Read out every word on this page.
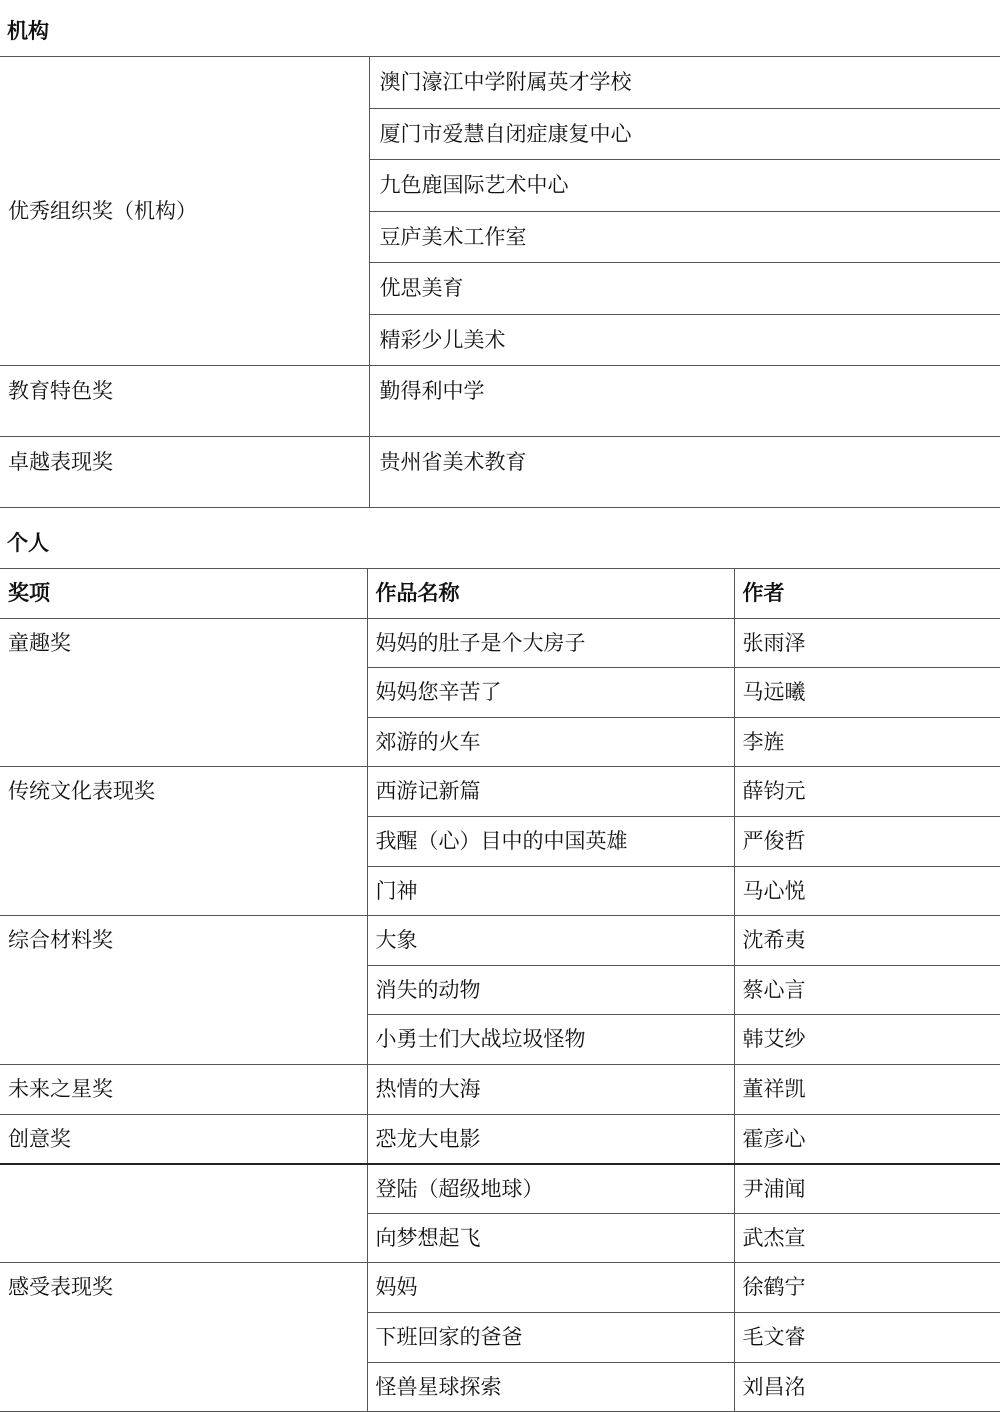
机构
优秀组织奖（机构）	澳门濠江中学附属英才学校
	厦门市爱慧自闭症康复中心
	九色鹿国际艺术中心
	豆庐美术工作室
	优思美育
	精彩少儿美术
教育特色奖	勤得利中学
卓越表现奖	贵州省美术教育
个人
奖项	作品名称	作者
童趣奖	妈妈的肚子是个大房子	张雨泽
	妈妈您辛苦了	马远曦
	郊游的火车	李旌
传统文化表现奖	西游记新篇	薛钧元
	我醒（心）目中的中国英雄	严俊哲
	门神	马心悦
综合材料奖	大象	沈希夷
	消失的动物	蔡心言
	小勇士们大战垃圾怪物	韩艾纱
未来之星奖	热情的大海	董祥凯
创意奖	恐龙大电影	霍彦心
	登陆（超级地球）	尹浦闻
	向梦想起飞	武杰宣
感受表现奖	妈妈	徐鹤宁
	下班回家的爸爸	毛文睿
	怪兽星球探索	刘昌洺
